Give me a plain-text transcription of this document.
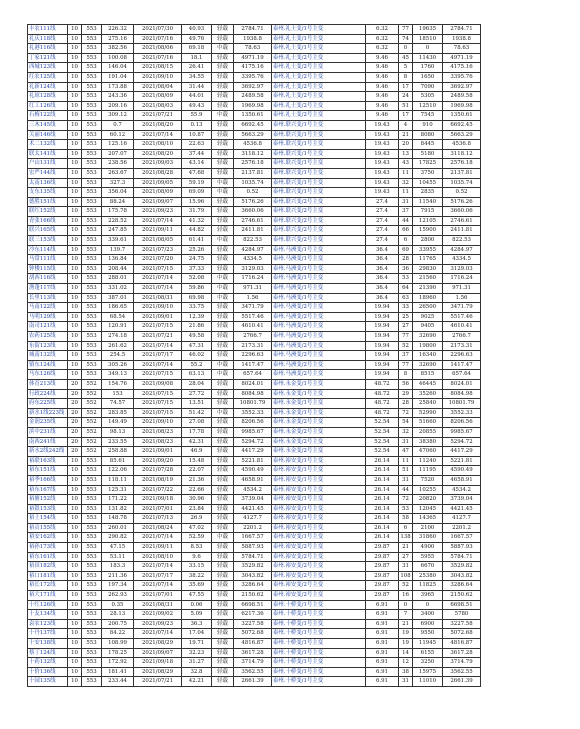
丰农111线	10	553	226.32	2021/07/30	40.93	轻载	2784.71	泰州.礼士变/1号主变	6.32	77	19635	2784.71
礼庆118线	10	553	275.16	2021/07/16	49.76	轻载	1938.8	泰州.礼士变/1号主变	6.32	74	18510	1938.8
礼港116线	10	553	382.56	2021/08/06	69.18	中载	78.63	泰州.礼士变/1号主变	6.32	0	0	78.63
丁家121线	10	553	100.08	2021/07/16	18.1	轻载	4971.19	泰州.礼士变/2号主变	9.46	45	11430	4971.19
西城123线	10	553	146.04	2021/08/15	26.41	轻载	4175.16	泰州.礼士变/2号主变	9.46	5	1760	4175.16
红农125线	10	553	191.04	2021/09/10	34.55	轻载	3395.76	泰州.礼士变/2号主变	9.46	8	1650	3395.76
礼新124线	10	553	173.88	2021/08/04	31.44	轻载	3692.97	泰州.礼士变/2号主变	9.46	17	7090	3692.97
礼琼128线	10	553	243.36	2021/08/09	44.01	轻载	2489.58	泰州.礼士变/2号主变	9.46	24	5305	2489.58
红工126线	10	553	209.16	2021/08/03	49.43	轻载	1969.98	泰州.礼士变/2号主变	9.46	51	12510	1969.98
石梅122线	10	553	309.12	2021/07/21	55.9	中载	1350.61	泰州.礼士变/2号主变	9.46	17	7545	1350.61
三木145线	10	553	0.7	2021/08/20	0.13	轻载	6692.45	泰州.联兴变/1号主变	19.43	4	910	6692.45
关丽146线	10	553	60.12	2021/07/14	10.87	轻载	5663.29	泰州.联兴变/1号主变	19.43	21	8080	5663.29
术二132线	10	553	125.16	2021/08/10	22.63	轻载	4536.8	泰州.联兴变/1号主变	19.43	20	8445	4536.8
联太141线	10	553	207.07	2021/08/20	37.44	轻载	3118.12	泰州.联兴变/1号主变	19.43	13	5180	3118.12
户山131线	10	553	238.56	2021/09/03	43.14	轻载	2576.18	泰州.联兴变/1号主变	19.43	43	17825	2576.18
宏严144线	10	553	263.67	2021/08/28	47.68	轻载	2137.81	泰州.联兴变/1号主变	19.43	11	3750	2137.81
太南136线	10	553	327.3	2021/09/05	59.19	中载	1035.74	泰州.联兴变/1号主变	19.43	32	10455	1035.74
支东135线	10	553	356.04	2021/08/09	69.09	中载	0.52	泰州.联兴变/1号主变	19.43	11	2835	0.52
德胜151线	10	553	88.24	2021/09/07	15.96	轻载	5176.26	泰州.联兴变/2号主变	27.4	31	11540	5176.26
联红152线	10	553	175.78	2021/09/23	31.79	轻载	3660.06	泰州.联兴变/2号主变	27.4	37	7915	3660.06
青张166线	10	553	228.52	2021/07/14	41.32	轻载	2746.61	泰州.联兴变/2号主变	27.4	44	12105	2746.61
联兴165线	10	553	247.85	2021/09/11	44.82	轻载	2411.81	泰州.联兴变/2号主变	27.4	66	15900	2411.81
联三153线	10	553	339.61	2021/08/05	61.41	中载	822.53	泰州.联兴变/2号主变	27.4	6	2800	822.53
冷东114线	10	553	139.7	2021/07/23	25.26	轻载	4284.97	泰州.马洲变/1号主变	36.4	69	33955	4284.97
马常111线	10	553	136.84	2021/07/20	24.75	轻载	4334.5	泰州.马洲变/1号主变	36.4	28	11765	4334.5
钟楼115线	10	553	208.44	2021/07/15	37.33	轻载	3129.03	泰州.马洲变/1号主变	36.4	36	29830	3129.03
胡西116线	10	553	288.01	2021/07/14	52.08	中载	1716.24	泰州.马洲变/1号主变	36.4	53	21560	1716.24
渔蓬117线	10	553	331.02	2021/07/14	59.86	中载	971.31	泰州.马洲变/1号主变	36.4	64	21390	971.31
长里113线	10	553	387.01	2021/08/31	69.98	中载	1.56	泰州.马洲变/1号主变	36.4	63	18960	1.56
马南122线	10	553	186.65	2021/09/10	33.75	轻载	3471.79	泰州.马洲变/2号主变	19.94	33	26500	3471.79
马明129线	10	553	68.54	2021/09/01	12.39	轻载	5517.46	泰州.马洲变/2号主变	19.94	25	9025	5517.46
南司121线	10	553	120.91	2021/07/15	21.86	轻载	4610.41	泰州.马洲变/2号主变	19.94	27	9405	4610.41
农药125线	10	553	274.18	2021/07/21	49.58	轻载	2766.7	泰州.马洲变/2号主变	19.94	77	32690	2766.7
东街123线	10	553	261.62	2021/07/14	47.31	轻载	2173.31	泰州.马洲变/2号主变	19.94	52	19800	2173.31
城南132线	10	553	254.5	2021/07/17	46.02	轻载	2296.63	泰州.马洲变/2号主变	19.94	37	16340	2296.63
镇东124线	10	553	305.26	2021/07/14	55.2	中载	1417.47	泰州.马洲变/2号主变	19.94	77	32690	1417.47
马东126线	10	553	349.13	2021/07/15	63.13	中载	657.64	泰州.马洲变/2号主变	19.94	8	8515	657.64
体育213线	20	552	154.76	2021/09/08	28.04	轻载	8024.01	泰州.永金变/1号主变	48.72	56	46445	8024.01
行政224线	20	552	153	2021/07/15	27.72	轻载	8084.98	泰州.永金变/1号主变	48.72	29	35260	8084.98
府东225线	20	552	74.57	2021/07/15	13.51	轻载	10801.79	泰州.永金变/1号主变	48.72	28	25840	10801.79
新水1线223线	20	552	283.85	2021/07/15	51.42	中载	3552.33	泰州.永金变/1号主变	48.72	72	52990	3552.33
金润235线	20	552	149.49	2021/09/10	27.08	轻载	8206.56	泰州.永金变/2号主变	52.54	54	51660	8206.56
滨中231线	20	552	98.13	2021/08/23	17.78	轻载	9985.67	泰州.永金变/2号主变	52.54	32	20855	9985.67
南西241线	20	552	233.55	2021/08/23	42.31	轻载	5294.72	泰州.永金变/2号主变	52.54	31	38380	5294.72
新水2线242线	20	552	258.88	2021/09/01	46.9	轻载	4417.29	泰州.永金变/2号主变	52.54	47	47060	4417.29
裕联163线	10	553	85.61	2021/09/20	15.48	轻载	5221.81	泰州.裕安变/1号主变	26.14	11	11240	5221.81
裕东151线	10	553	122.06	2021/07/28	22.07	轻载	4590.49	泰州.裕安变/1号主变	26.14	51	11195	4590.49
裕季166线	10	553	118.11	2021/08/19	21.36	轻载	4658.91	泰州.裕安变/1号主变	26.14	31	7520	4658.91
裕东167线	10	553	125.31	2021/07/22	22.66	轻载	4534.2	泰州.裕安变/1号主变	26.14	44	10255	4534.2
裕塘152线	10	553	171.22	2021/09/18	30.96	轻载	3739.04	泰州.裕安变/1号主变	26.14	72	20820	3739.04
裕银153线	10	553	131.82	2021/07/01	23.84	轻载	4421.45	泰州.裕安变/1号主变	26.14	53	12045	4421.45
裕土154线	10	553	148.78	2021/07/13	26.9	轻载	4127.7	泰州.裕安变/1号主变	26.14	58	14365	4127.7
裕贡155线	10	553	260.01	2021/08/24	47.02	轻载	2201.2	泰州.裕安变/1号主变	26.14	6	2100	2201.2
裕安162线	10	553	290.82	2021/07/14	52.59	中载	1667.57	泰州.裕安变/1号主变	26.14	138	31860	1667.57
裕孙173线	10	553	47.15	2021/09/11	8.53	轻载	5887.93	泰州.裕安变/2号主变	29.87	21	4900	5887.93
裕东161线	10	553	53.11	2021/08/10	9.6	轻载	5784.71	泰州.裕安变/2号主变	29.87	27	5955	5784.71
裕田182线	10	553	183.3	2021/07/14	33.15	轻载	3529.82	泰州.裕安变/2号主变	29.87	31	6670	3529.82
裕口181线	10	553	211.36	2021/07/17	38.22	轻载	3043.82	泰州.裕安变/2号主变	29.87	108	25380	3043.82
裕长172线	10	553	197.34	2021/07/14	35.69	轻载	3286.64	泰州.裕安变/2号主变	29.87	52	11825	3286.64
裕大171线	10	553	262.93	2021/07/01	47.55	轻载	2150.62	泰州.裕安变/2号主变	29.87	16	3965	2150.62
十红126线	10	553	0.35	2021/08/31	0.06	轻载	6698.51	泰州.十桥变/1号主变	6.91	0	0	6698.51
十友134线	10	553	28.13	2021/09/02	5.09	轻载	6217.36	泰州.十桥变/1号主变	6.91	7	3400	5780
袁农123线	10	553	200.75	2021/09/23	36.3	轻载	3227.58	泰州.十桥变/1号主变	6.91	21	6900	3227.58
十丹137线	10	553	84.22	2021/07/14	17.04	轻载	5072.68	泰州.十桥变/1号主变	6.91	19	9550	5072.68
十安138线	10	553	108.99	2021/08/29	19.71	轻载	4816.87	泰州.十桥变/1号主变	6.91	19	11945	4816.87
蔡丁124线	10	553	178.25	2021/09/07	32.23	轻载	3617.28	泰州.十桥变/1号主变	6.91	14	6155	3617.28
十药132线	10	553	172.92	2021/09/18	31.27	轻载	3714.79	泰州.十桥变/1号主变	6.91	12	3250	3714.79
十价136线	10	553	181.41	2021/08/29	32.8	轻载	3562.55	泰州.十桥变/1号主变	6.91	38	15975	3562.55
十园135线	10	553	233.44	2021/07/21	42.21	轻载	2661.39	泰州.十桥变/1号主变	6.91	31	11010	2661.39
